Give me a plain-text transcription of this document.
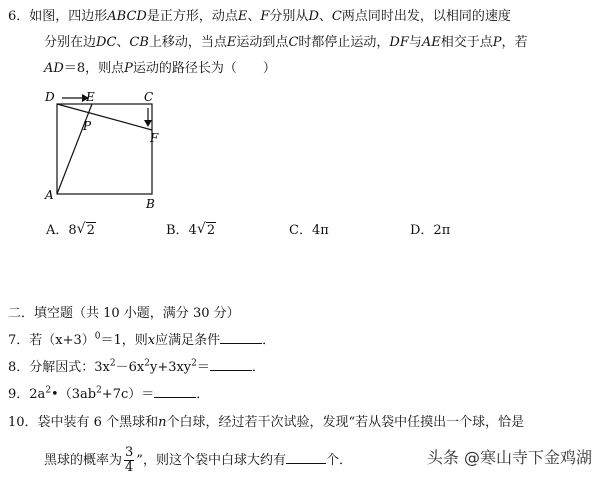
6．如图，四边形ABCD是正方形，动点E、F分别从D、C两点同时出发，以相同的速度
分别在边DC、CB上移动，当点E运动到点C时都停止运动，DF与AE相交于点P，若
AD＝8，则点P运动的路径长为（　　）
D	E	C
P
F
A
B
A．8 √ 2	B．4 √ 2	C．4π	D．2π
二．填空题（共 10 小题，满分 30 分）
7．若$(x+3)^0=1$，则x应满足条件	．
8．分解因式：$3x^2-6x^2y+3xy^2=$	．
9．$2a^2•(3ab^2+7c)=$	．
10．袋中装有 6 个黑球和n个白球，经过若干次试验，发现“若从袋中任摸出一个球，恰是
黑球的概率为 $\frac{3}{4}$ ”，则这个袋中白球大约有	个．	头条 @寒山寺下金鸡湖
